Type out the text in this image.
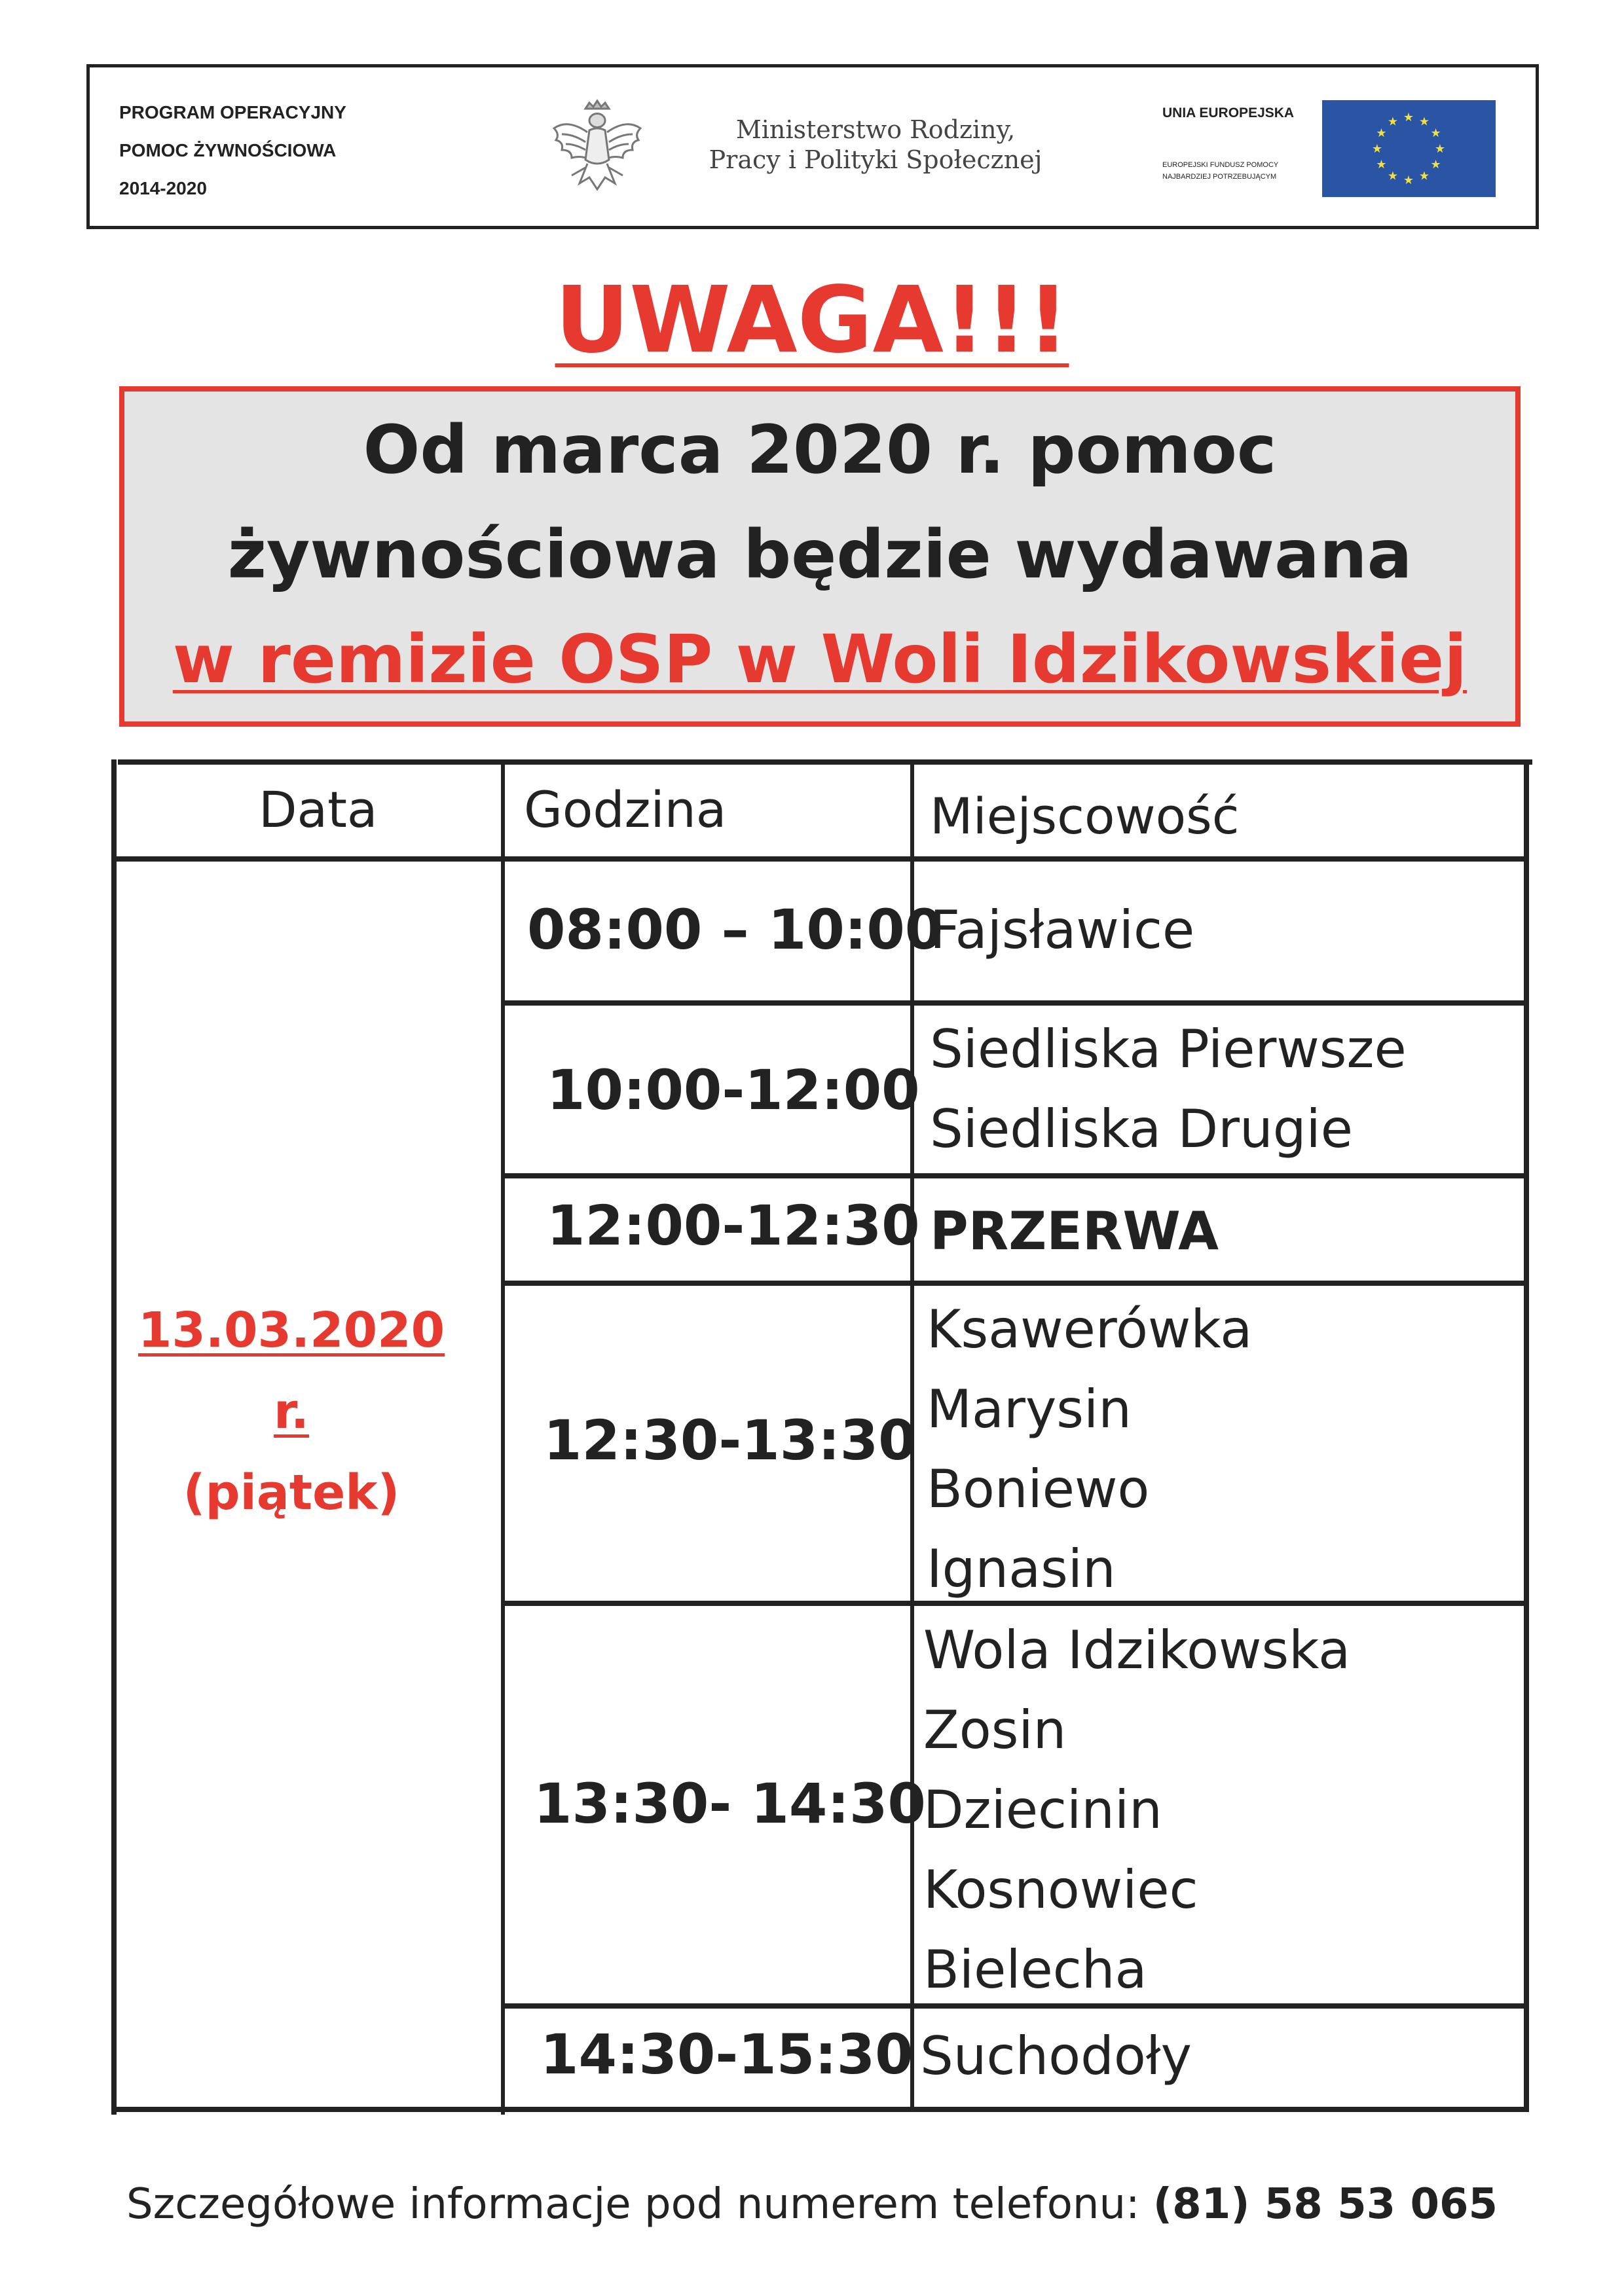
PROGRAM OPERACYJNY
POMOC ŻYWNOŚCIOWA
2014-2020
Ministerstwo Rodziny,
Pracy i Polityki Społecznej
UNIA EUROPEJSKA
EUROPEJSKI FUNDUSZ POMOCY
NAJBARDZIEJ POTRZEBUJĄCYM
★ ★
★
★
★
★
★
★
★
★
★
★
UWAGA!!!
Od marca 2020 r. pomoc
żywnościowa będzie wydawana
w remizie OSP w Woli Idzikowskiej
Data	Godzina	Miejscowość
13.03.2020 r.
(piątek)
08:00 – 10:00
Fajsławice
10:00-12:00
Siedliska Pierwsze
Siedliska Drugie
12:00-12:30 PRZERWA
12:30-13:30
Ksawerówka
Marysin
Boniewo
Ignasin
13:30- 14:30
Wola Idzikowska
Zosin
Dziecinin
Kosnowiec
Bielecha
14:30-15:30 Suchodoły
Szczegółowe informacje pod numerem telefonu: (81) 58 53 065
